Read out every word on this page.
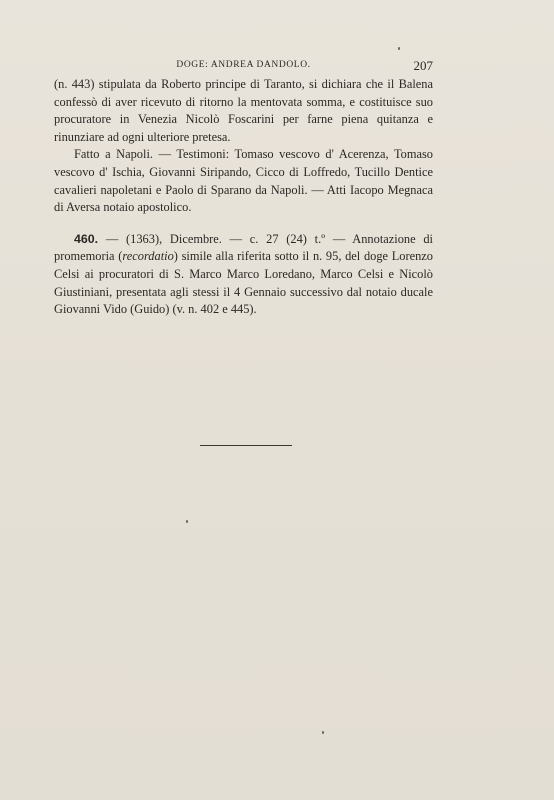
DOGE: ANDREA DANDOLO.	207

(n. 443) stipulata da Roberto principe di Taranto, si dichiara che il Balena confessò di aver ricevuto di ritorno la mentovata somma, e costituisce suo procuratore in Venezia Nicolò Foscarini per farne piena quitanza e rinunziare ad ogni ulteriore pretesa.

Fatto a Napoli. — Testimoni: Tomaso vescovo d' Acerenza, Tomaso vescovo d' Ischia, Giovanni Siripando, Cicco di Loffredo, Tucillo Dentice cavalieri napoletani e Paolo di Sparano da Napoli. — Atti Iacopo Megnaca di Aversa notaio apostolico.

460. — (1363), Dicembre. — c. 27 (24) t.º — Annotazione di promemoria (recordatio) simile alla riferita sotto il n. 95, del doge Lorenzo Celsi ai procuratori di S. Marco Marco Loredano, Marco Celsi e Nicolò Giustiniani, presentata agli stessi il 4 Gennaio successivo dal notaio ducale Giovanni Vido (Guido) (v. n. 402 e 445).
